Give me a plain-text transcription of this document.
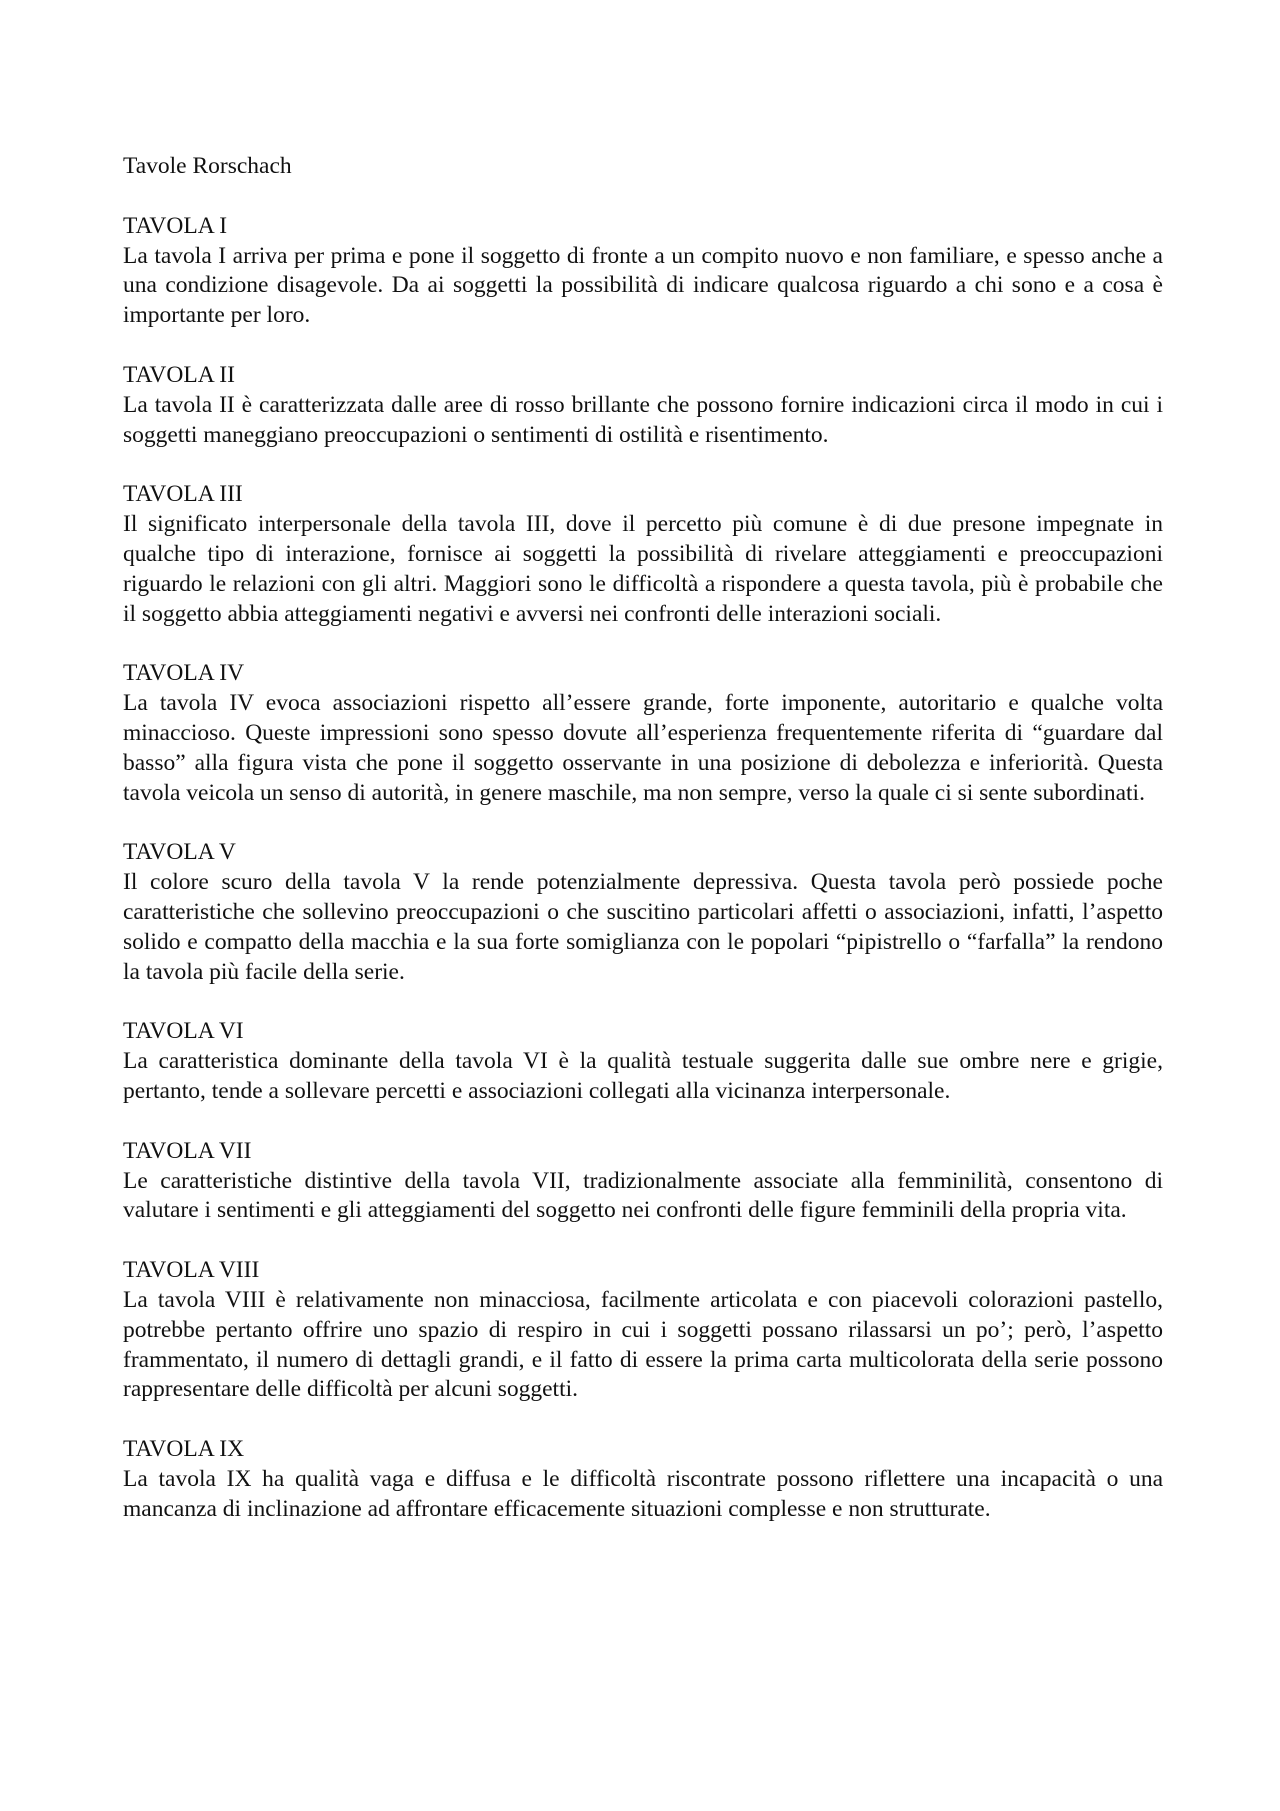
Tavole Rorschach

TAVOLA I

La tavola I arriva per prima e pone il soggetto di fronte a un compito nuovo e non familiare, e spesso anche a una condizione disagevole. Da ai soggetti la possibilità di indicare qualcosa riguardo a chi sono e a cosa è importante per loro.

TAVOLA II

La tavola II è caratterizzata dalle aree di rosso brillante che possono fornire indicazioni circa il modo in cui i soggetti maneggiano preoccupazioni o sentimenti di ostilità e risentimento.

TAVOLA III

Il significato interpersonale della tavola III, dove il percetto più comune è di due presone impegnate in qualche tipo di interazione, fornisce ai soggetti la possibilità di rivelare atteggiamenti e preoccupazioni riguardo le relazioni con gli altri. Maggiori sono le difficoltà a rispondere a questa tavola, più è probabile che il soggetto abbia atteggiamenti negativi e avversi nei confronti delle interazioni sociali.

TAVOLA IV

La tavola IV evoca associazioni rispetto all’essere grande, forte imponente, autoritario e qualche volta minaccioso. Queste impressioni sono spesso dovute all’esperienza frequentemente riferita di “guardare dal basso” alla figura vista che pone il soggetto osservante in una posizione di debolezza e inferiorità. Questa tavola veicola un senso di autorità, in genere maschile, ma non sempre, verso la quale ci si sente subordinati.

TAVOLA V

Il colore scuro della tavola V la rende potenzialmente depressiva. Questa tavola però possiede poche caratteristiche che sollevino preoccupazioni o che suscitino particolari affetti o associazioni, infatti, l’aspetto solido e compatto della macchia e la sua forte somiglianza con le popolari “pipistrello o “farfalla” la rendono la tavola più facile della serie.

TAVOLA VI

La caratteristica dominante della tavola VI è la qualità testuale suggerita dalle sue ombre nere e grigie, pertanto, tende a sollevare percetti e associazioni collegati alla vicinanza interpersonale.

TAVOLA VII

Le caratteristiche distintive della tavola VII, tradizionalmente associate alla femminilità, consentono di valutare i sentimenti e gli atteggiamenti del soggetto nei confronti delle figure femminili della propria vita.

TAVOLA VIII

La tavola VIII è relativamente non minacciosa, facilmente articolata e con piacevoli colorazioni pastello, potrebbe pertanto offrire uno spazio di respiro in cui i soggetti possano rilassarsi un po’; però, l’aspetto frammentato, il numero di dettagli grandi, e il fatto di essere la prima carta multicolorata della serie possono rappresentare delle difficoltà per alcuni soggetti.

TAVOLA IX

La tavola IX ha qualità vaga e diffusa e le difficoltà riscontrate possono riflettere una incapacità o una mancanza di inclinazione ad affrontare efficacemente situazioni complesse e non strutturate.
